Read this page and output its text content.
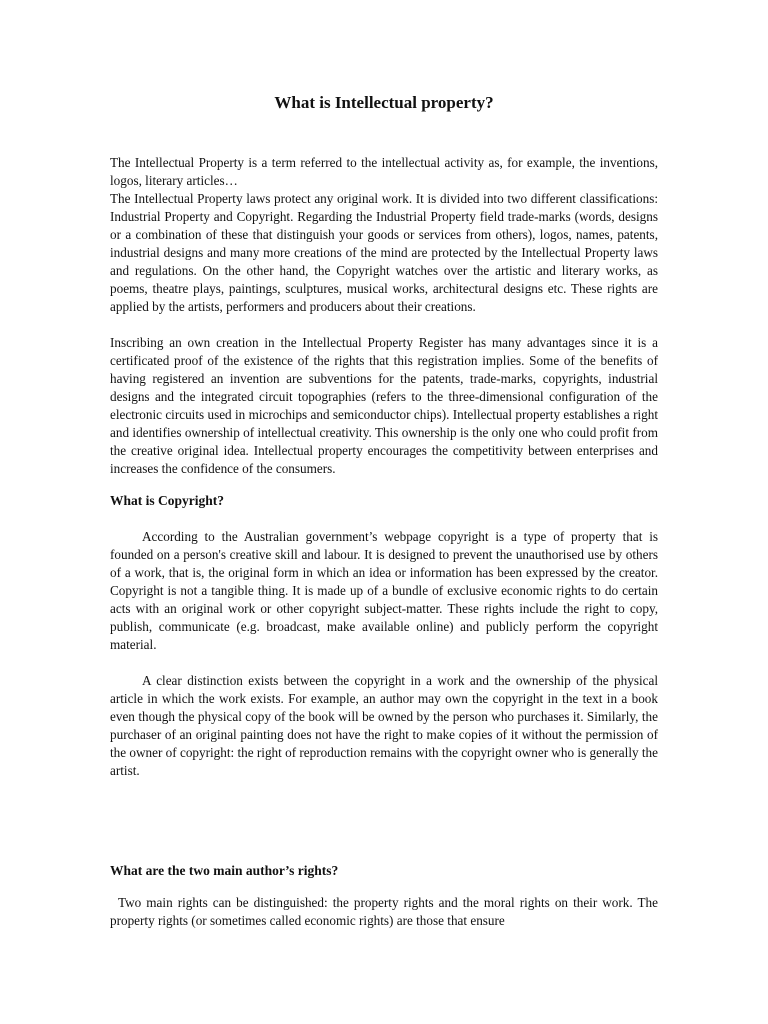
What is Intellectual property?

The Intellectual Property is a term referred to the intellectual activity as, for example, the inventions, logos, literary articles…

The Intellectual Property laws protect any original work. It is divided into two different classifications: Industrial Property and Copyright. Regarding the Industrial Property field trade-marks (words, designs or a combination of these that distinguish your goods or services from others), logos, names, patents, industrial designs and many more creations of the mind are protected by the Intellectual Property laws and regulations. On the other hand, the Copyright watches over the artistic and literary works, as poems, theatre plays, paintings, sculptures, musical works, architectural designs etc. These rights are applied by the artists, performers and producers about their creations.

Inscribing an own creation in the Intellectual Property Register has many advantages since it is a certificated proof of the existence of the rights that this registration implies. Some of the benefits of having registered an invention are subventions for the patents, trade-marks, copyrights, industrial designs and the integrated circuit topographies (refers to the three-dimensional configuration of the electronic circuits used in microchips and semiconductor chips). Intellectual property establishes a right and identifies ownership of intellectual creativity. This ownership is the only one who could profit from the creative original idea. Intellectual property encourages the competitivity between enterprises and increases the confidence of the consumers.

What is Copyright?

According to the Australian government’s webpage copyright is a type of property that is founded on a person's creative skill and labour. It is designed to prevent the unauthorised use by others of a work, that is, the original form in which an idea or information has been expressed by the creator. Copyright is not a tangible thing. It is made up of a bundle of exclusive economic rights to do certain acts with an original work or other copyright subject-matter. These rights include the right to copy, publish, communicate (e.g. broadcast, make available online) and publicly perform the copyright material.

A clear distinction exists between the copyright in a work and the ownership of the physical article in which the work exists. For example, an author may own the copyright in the text in a book even though the physical copy of the book will be owned by the person who purchases it. Similarly, the purchaser of an original painting does not have the right to make copies of it without the permission of the owner of copyright: the right of reproduction remains with the copyright owner who is generally the artist.

What are the two main author’s rights?

Two main rights can be distinguished: the property rights and the moral rights on their work. The property rights (or sometimes called economic rights) are those that ensure
